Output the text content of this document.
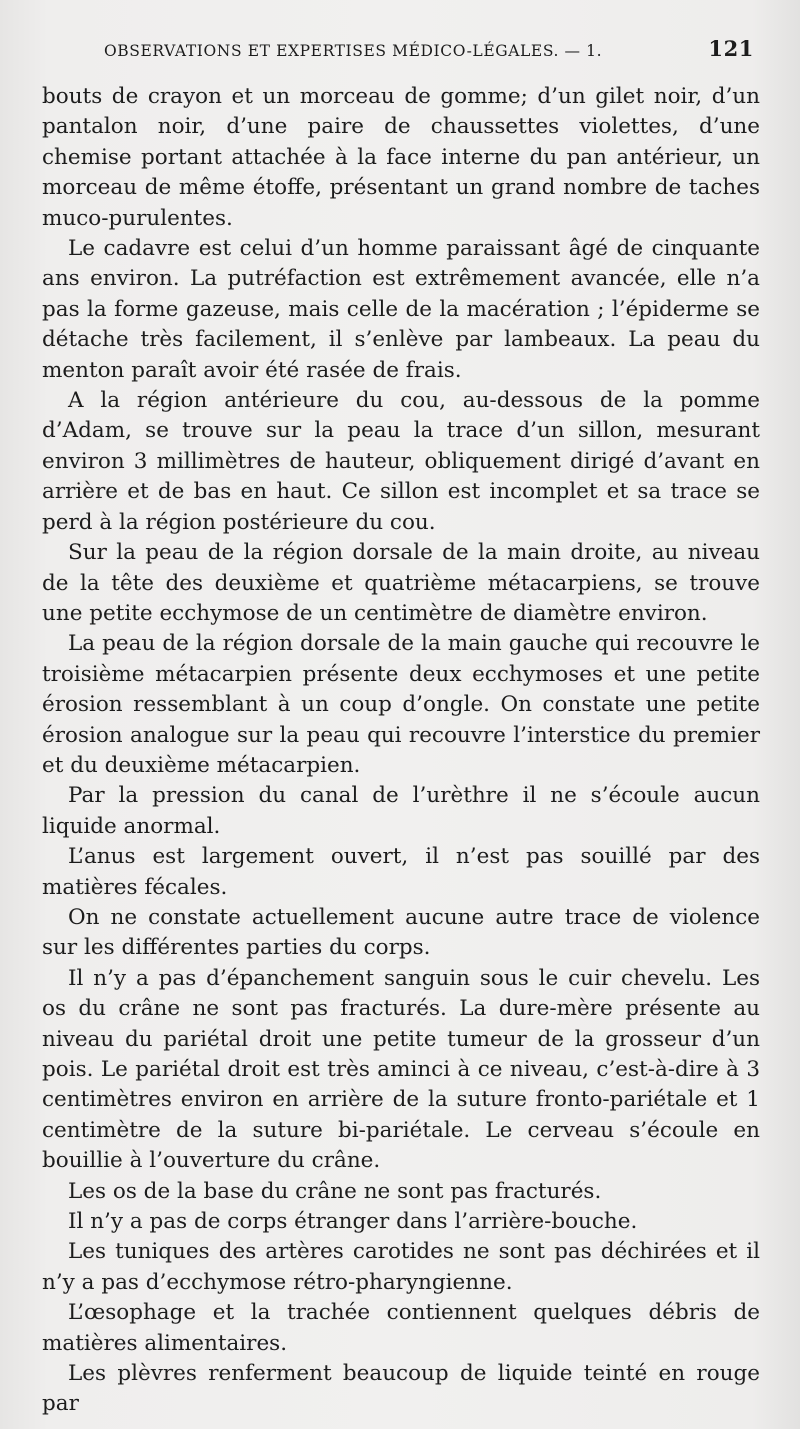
OBSERVATIONS ET EXPERTISES MÉDICO-LÉGALES. — 1.	121

bouts de crayon et un morceau de gomme; d’un gilet noir, d’un pantalon noir, d’une paire de chaussettes violettes, d’une chemise portant attachée à la face interne du pan antérieur, un morceau de même étoffe, présentant un grand nombre de taches muco-purulentes.

Le cadavre est celui d’un homme paraissant âgé de cinquante ans environ. La putréfaction est extrêmement avancée, elle n’a pas la forme gazeuse, mais celle de la macération ; l’épiderme se détache très facilement, il s’enlève par lambeaux. La peau du menton paraît avoir été rasée de frais.

A la région antérieure du cou, au-dessous de la pomme d’Adam, se trouve sur la peau la trace d’un sillon, mesurant environ 3 millimètres de hauteur, obliquement dirigé d’avant en arrière et de bas en haut. Ce sillon est incomplet et sa trace se perd à la région postérieure du cou.

Sur la peau de la région dorsale de la main droite, au niveau de la tête des deuxième et quatrième métacarpiens, se trouve une petite ecchymose de un centimètre de diamètre environ.

La peau de la région dorsale de la main gauche qui recouvre le troisième métacarpien présente deux ecchymoses et une petite érosion ressemblant à un coup d’ongle. On constate une petite érosion analogue sur la peau qui recouvre l’interstice du premier et du deuxième métacarpien.

Par la pression du canal de l’urèthre il ne s’écoule aucun liquide anormal.

L’anus est largement ouvert, il n’est pas souillé par des matières fécales.

On ne constate actuellement aucune autre trace de violence sur les différentes parties du corps.

Il n’y a pas d’épanchement sanguin sous le cuir chevelu. Les os du crâne ne sont pas fracturés. La dure-mère présente au niveau du pariétal droit une petite tumeur de la grosseur d’un pois. Le pariétal droit est très aminci à ce niveau, c’est-à-dire à 3 centimètres environ en arrière de la suture fronto-pariétale et 1 centimètre de la suture bi-pariétale. Le cerveau s’écoule en bouillie à l’ouverture du crâne.

Les os de la base du crâne ne sont pas fracturés.

Il n’y a pas de corps étranger dans l’arrière-bouche.

Les tuniques des artères carotides ne sont pas déchirées et il n’y a pas d’ecchymose rétro-pharyngienne.

L’œsophage et la trachée contiennent quelques débris de matières alimentaires.

Les plèvres renferment beaucoup de liquide teinté en rouge par
